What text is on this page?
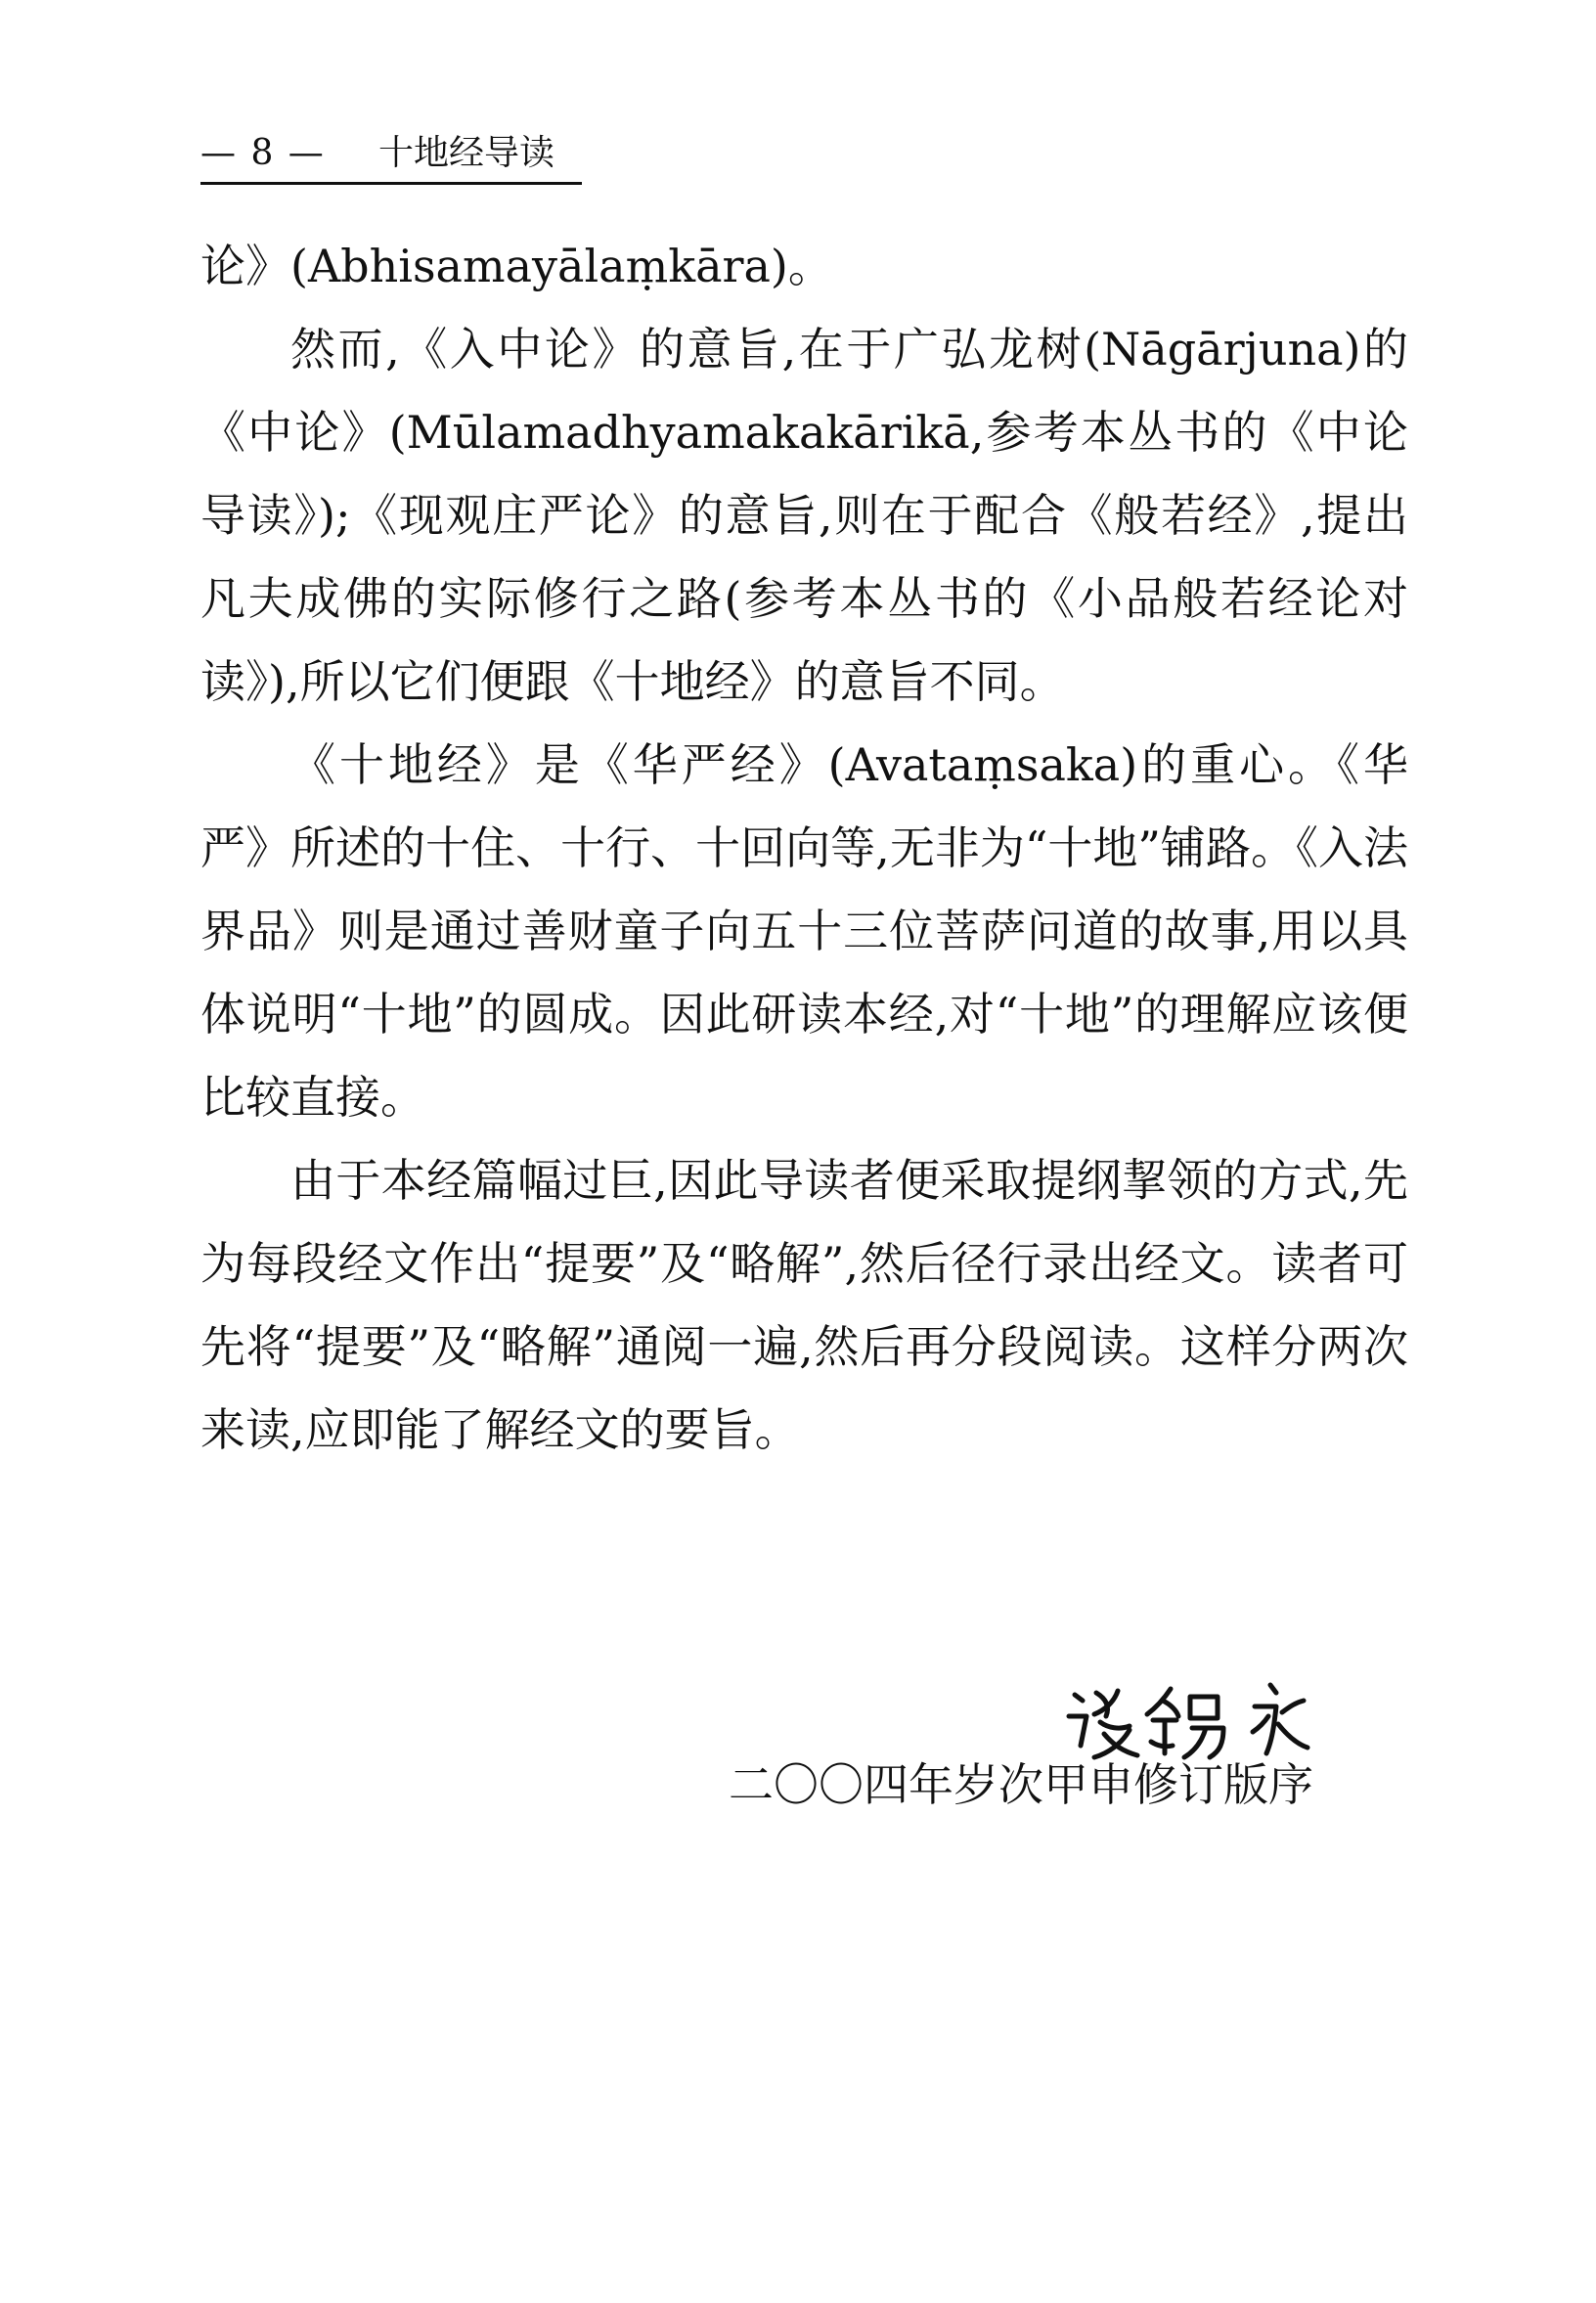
— 8 — 十地经导读

论》(Abhisamayālaṃkāra)。

然而,《入中论》的意旨,在于广弘龙树(Nāgārjuna)的《中论》(Mūlamadhyamakakārikā,参考本丛书的《中论导读》);《现观庄严论》的意旨,则在于配合《般若经》,提出凡夫成佛的实际修行之路(参考本丛书的《小品般若经论对读》),所以它们便跟《十地经》的意旨不同。

《十地经》是《华严经》(Avataṃsaka)的重心。《华严》所述的十住、十行、十回向等,无非为“十地”铺路。《入法界品》则是通过善财童子向五十三位菩萨问道的故事,用以具体说明“十地”的圆成。因此研读本经,对“十地”的理解应该便比较直接。

由于本经篇幅过巨,因此导读者便采取提纲挈领的方式,先为每段经文作出“提要”及“略解”,然后径行录出经文。读者可先将“提要”及“略解”通阅一遍,然后再分段阅读。这样分两次来读,应即能了解经文的要旨。

二〇〇四年岁次甲申修订版序
